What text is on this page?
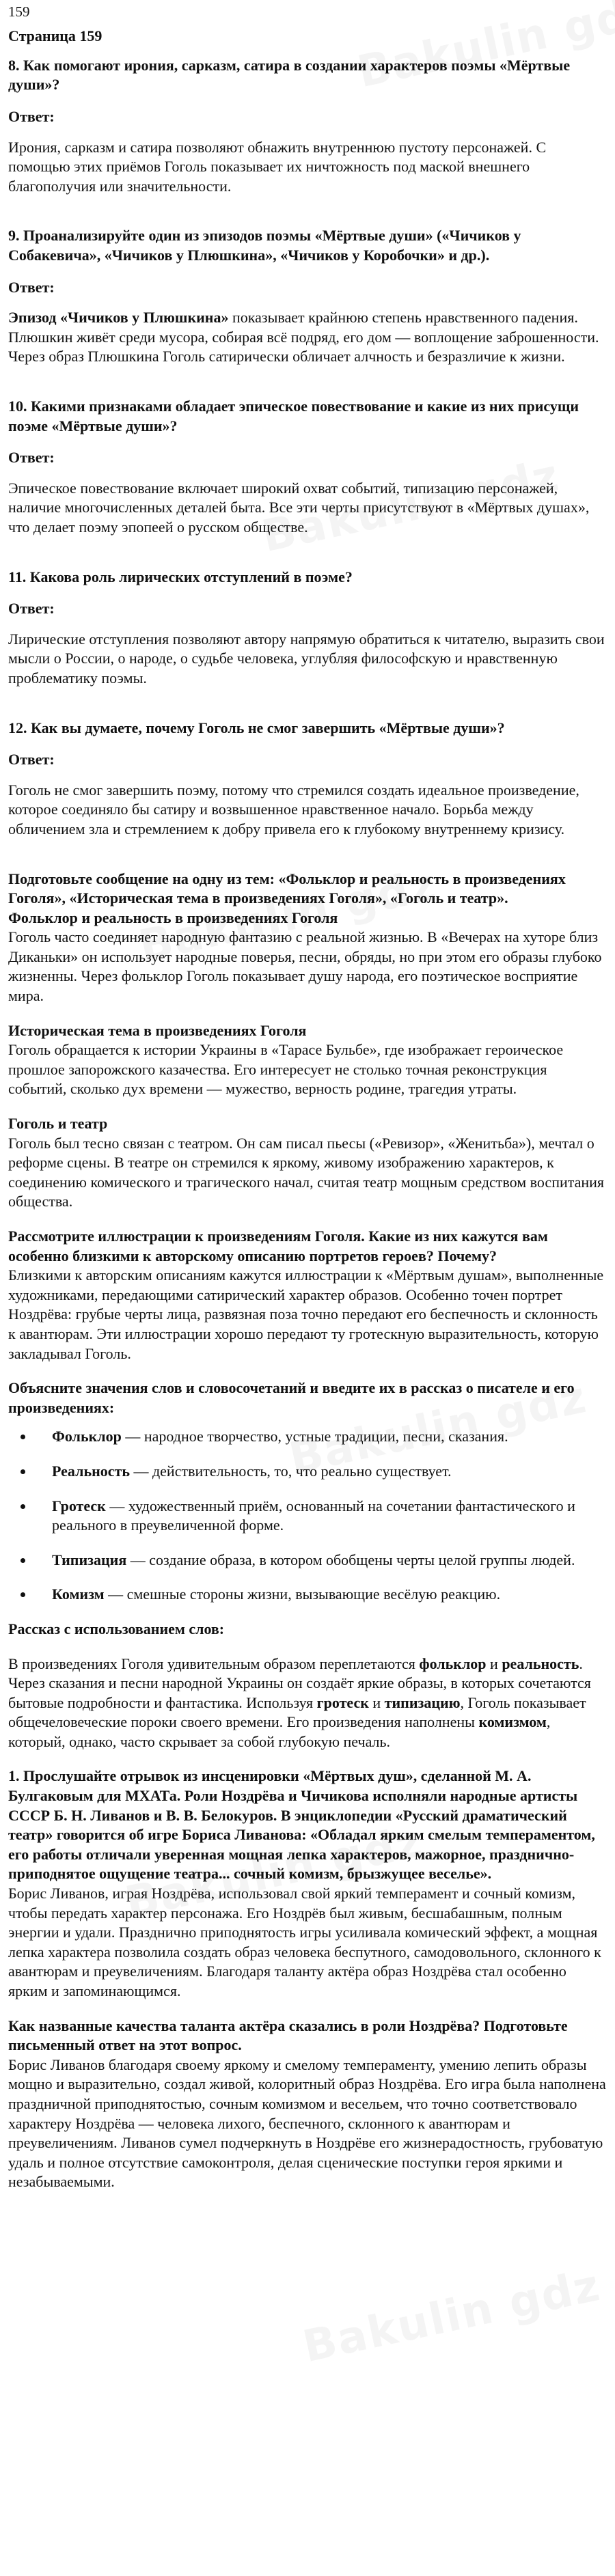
159

Страница 159

8. Как помогают ирония, сарказм, сатира в создании характеров поэмы «Мёртвые души»?

Ответ:

Ирония, сарказм и сатира позволяют обнажить внутреннюю пустоту персонажей. С помощью этих приёмов Гоголь показывает их ничтожность под маской внешнего благополучия или значительности.

9. Проанализируйте один из эпизодов поэмы «Мёртвые души» («Чичиков у Собакевича», «Чичиков у Плюшкина», «Чичиков у Коробочки» и др.).

Ответ:

Эпизод «Чичиков у Плюшкина» показывает крайнюю степень нравственного падения. Плюшкин живёт среди мусора, собирая всё подряд, его дом — воплощение заброшенности. Через образ Плюшкина Гоголь сатирически обличает алчность и безразличие к жизни.

10. Какими признаками обладает эпическое повествование и какие из них присущи поэме «Мёртвые души»?

Ответ:

Эпическое повествование включает широкий охват событий, типизацию персонажей, наличие многочисленных деталей быта. Все эти черты присутствуют в «Мёртвых душах», что делает поэму эпопеей о русском обществе.

11. Какова роль лирических отступлений в поэме?

Ответ:

Лирические отступления позволяют автору напрямую обратиться к читателю, выразить свои мысли о России, о народе, о судьбе человека, углубляя философскую и нравственную проблематику поэмы.

12. Как вы думаете, почему Гоголь не смог завершить «Мёртвые души»?

Ответ:

Гоголь не смог завершить поэму, потому что стремился создать идеальное произведение, которое соединяло бы сатиру и возвышенное нравственное начало. Борьба между обличением зла и стремлением к добру привела его к глубокому внутреннему кризису.

Подготовьте сообщение на одну из тем: «Фольклор и реальность в произведениях Гоголя», «Историческая тема в произведениях Гоголя», «Гоголь и театр».

Фольклор и реальность в произведениях Гоголя

Гоголь часто соединяет народную фантазию с реальной жизнью. В «Вечерах на хуторе близ Диканьки» он использует народные поверья, песни, обряды, но при этом его образы глубоко жизненны. Через фольклор Гоголь показывает душу народа, его поэтическое восприятие мира.

Историческая тема в произведениях Гоголя

Гоголь обращается к истории Украины в «Тарасе Бульбе», где изображает героическое прошлое запорожского казачества. Его интересует не столько точная реконструкция событий, сколько дух времени — мужество, верность родине, трагедия утраты.

Гоголь и театр

Гоголь был тесно связан с театром. Он сам писал пьесы («Ревизор», «Женитьба»), мечтал о реформе сцены. В театре он стремился к яркому, живому изображению характеров, к соединению комического и трагического начал, считая театр мощным средством воспитания общества.

Рассмотрите иллюстрации к произведениям Гоголя. Какие из них кажутся вам особенно близкими к авторскому описанию портретов героев? Почему?

Близкими к авторским описаниям кажутся иллюстрации к «Мёртвым душам», выполненные художниками, передающими сатирический характер образов. Особенно точен портрет Ноздрёва: грубые черты лица, развязная поза точно передают его беспечность и склонность к авантюрам. Эти иллюстрации хорошо передают ту гротескную выразительность, которую закладывал Гоголь.

Объясните значения слов и словосочетаний и введите их в рассказ о писателе и его произведениях:

Фольклор — народное творчество, устные традиции, песни, сказания.
Реальность — действительность, то, что реально существует.
Гротеск — художественный приём, основанный на сочетании фантастического и реального в преувеличенной форме.
Типизация — создание образа, в котором обобщены черты целой группы людей.
Комизм — смешные стороны жизни, вызывающие весёлую реакцию.

Рассказ с использованием слов:

В произведениях Гоголя удивительным образом переплетаются фольклор и реальность. Через сказания и песни народной Украины он создаёт яркие образы, в которых сочетаются бытовые подробности и фантастика. Используя гротеск и типизацию, Гоголь показывает общечеловеческие пороки своего времени. Его произведения наполнены комизмом, который, однако, часто скрывает за собой глубокую печаль.

1. Прослушайте отрывок из инсценировки «Мёртвых душ», сделанной М. А. Булгаковым для МХАТа. Роли Ноздрёва и Чичикова исполняли народные артисты СССР Б. Н. Ливанов и В. В. Белокуров. В энциклопедии «Русский драматический театр» говорится об игре Бориса Ливанова: «Обладал ярким смелым темпераментом, его работы отличали уверенная мощная лепка характеров, мажорное, празднично-приподнятое ощущение театра... сочный комизм, брызжущее веселье».

Борис Ливанов, играя Ноздрёва, использовал свой яркий темперамент и сочный комизм, чтобы передать характер персонажа. Его Ноздрёв был живым, бесшабашным, полным энергии и удали. Празднично приподнятость игры усиливала комический эффект, а мощная лепка характера позволила создать образ человека беспутного, самодовольного, склонного к авантюрам и преувеличениям. Благодаря таланту актёра образ Ноздрёва стал особенно ярким и запоминающимся.

Как названные качества таланта актёра сказались в роли Ноздрёва? Подготовьте письменный ответ на этот вопрос.

Борис Ливанов благодаря своему яркому и смелому темпераменту, умению лепить образы мощно и выразительно, создал живой, колоритный образ Ноздрёва. Его игра была наполнена праздничной приподнятостью, сочным комизмом и весельем, что точно соответствовало характеру Ноздрёва — человека лихого, беспечного, склонного к авантюрам и преувеличениям. Ливанов сумел подчеркнуть в Ноздрёве его жизнерадостность, грубоватую удаль и полное отсутствие самоконтроля, делая сценические поступки героя яркими и незабываемыми.
